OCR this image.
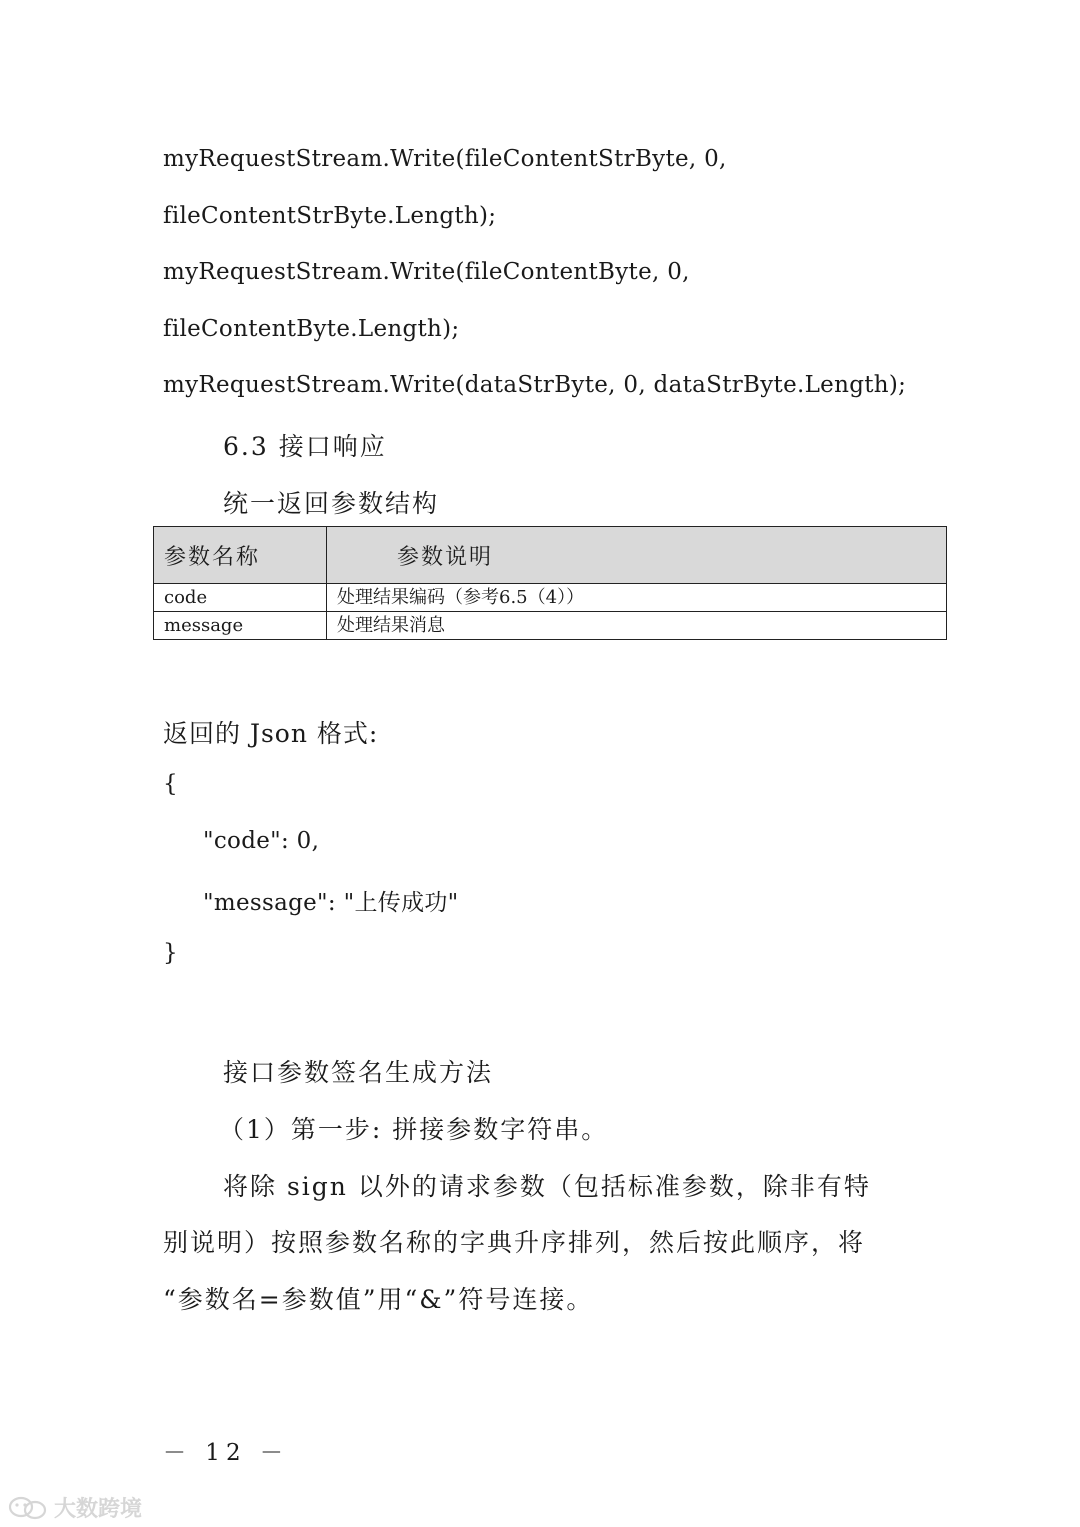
myRequestStream.Write(fileContentStrByte, 0,
fileContentStrByte.Length);
myRequestStream.Write(fileContentByte, 0,
fileContentByte.Length);
myRequestStream.Write(dataStrByte, 0, dataStrByte.Length);
6.3 接口响应
统一返回参数结构
参数名称	参数说明
code	处理结果编码（参考6.5（4））
message	处理结果消息
返回的 Json 格式:
{
"code": 0,
"message": "上传成功"
}
接口参数签名生成方法
（1）第一步: 拼接参数字符串。
将除 sign 以外的请求参数（包括标准参数，除非有特
别说明）按照参数名称的字典升序排列，然后按此顺序，将
“参数名=参数值”用“&”符号连接。
－ 12 －
大数跨境
